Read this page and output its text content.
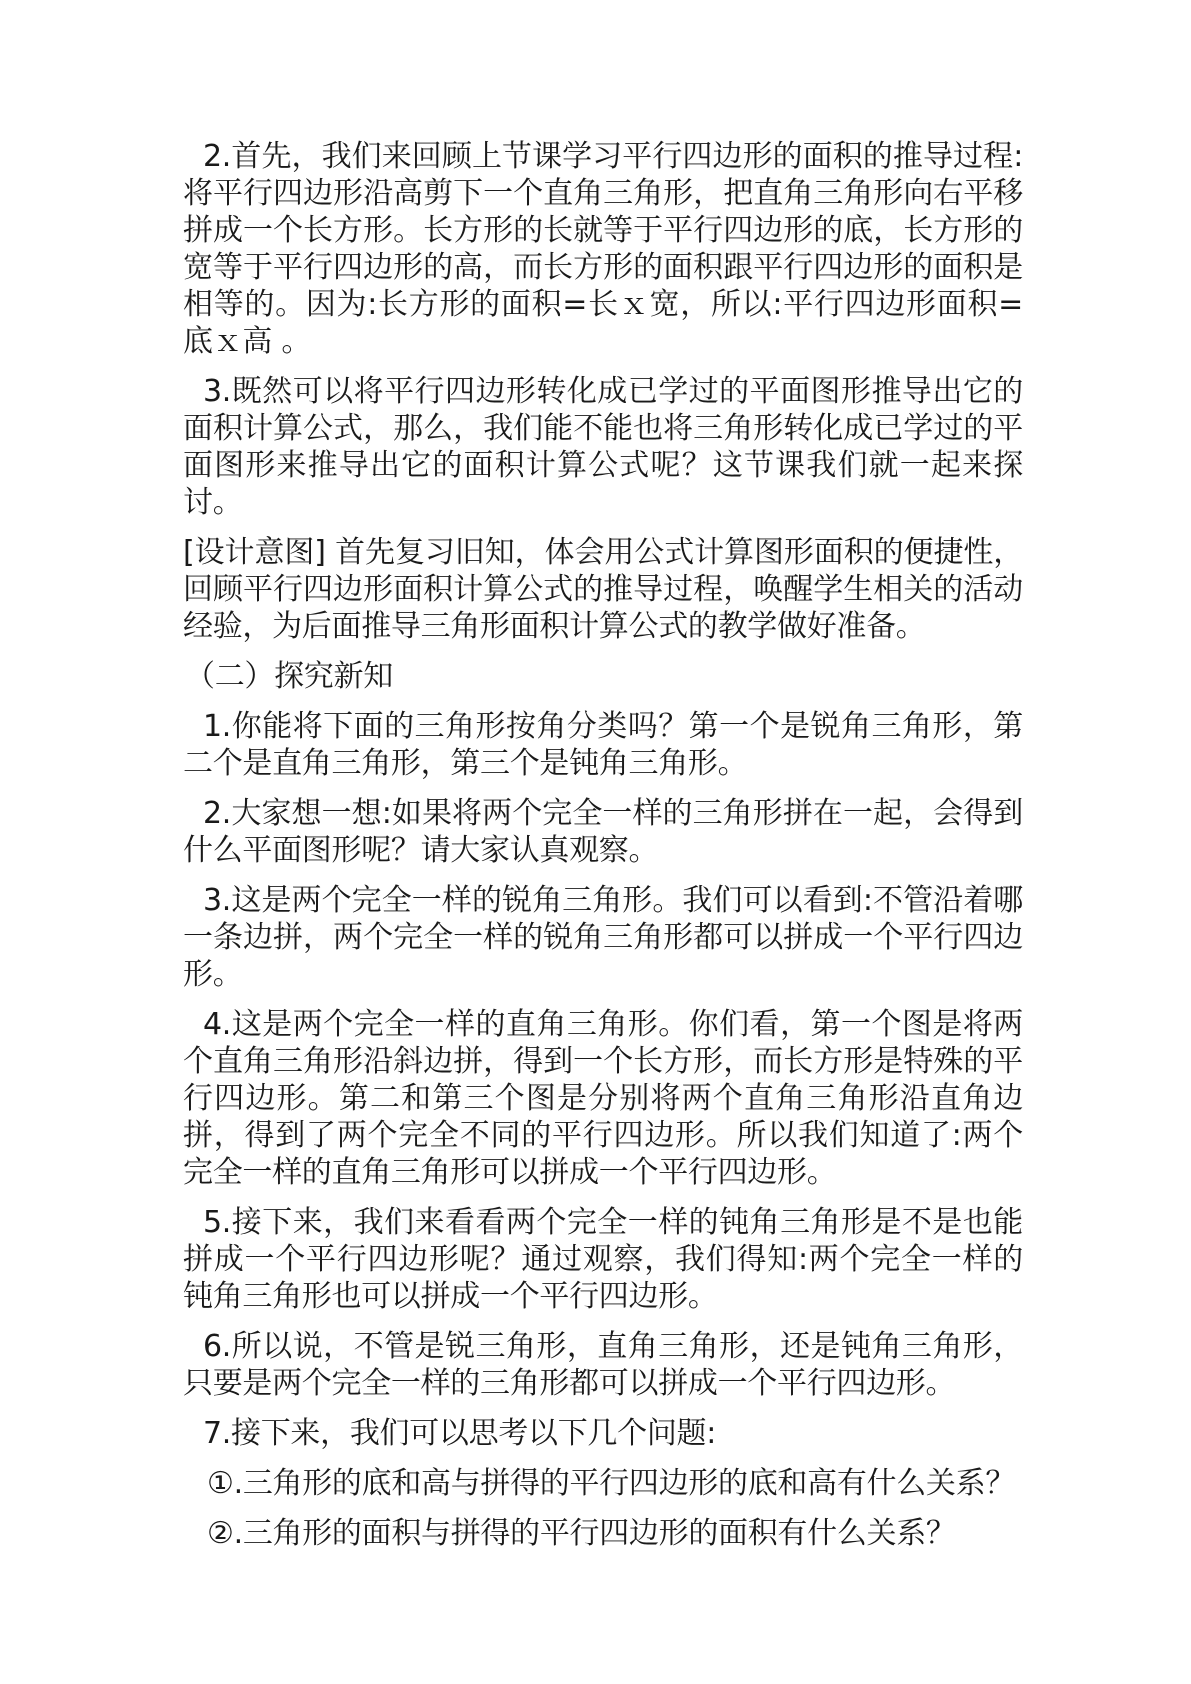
2.首先，我们来回顾上节课学习平行四边形的面积的推导过程:将平行四边形沿高剪下一个直角三角形，把直角三角形向右平移拼成一个长方形。长方形的长就等于平行四边形的底，长方形的宽等于平行四边形的高，而长方形的面积跟平行四边形的面积是相等的。因为:长方形的面积=长ｘ宽，所以:平行四边形面积=底ｘ高 。

3.既然可以将平行四边形转化成已学过的平面图形推导出它的面积计算公式，那么，我们能不能也将三角形转化成已学过的平面图形来推导出它的面积计算公式呢？这节课我们就一起来探讨。

[设计意图] 首先复习旧知，体会用公式计算图形面积的便捷性，回顾平行四边形面积计算公式的推导过程，唤醒学生相关的活动经验，为后面推导三角形面积计算公式的教学做好准备。

（二）探究新知

1.你能将下面的三角形按角分类吗？第一个是锐角三角形，第二个是直角三角形，第三个是钝角三角形。

2.大家想一想:如果将两个完全一样的三角形拼在一起，会得到什么平面图形呢？请大家认真观察。

3.这是两个完全一样的锐角三角形。我们可以看到:不管沿着哪一条边拼，两个完全一样的锐角三角形都可以拼成一个平行四边形。

4.这是两个完全一样的直角三角形。你们看，第一个图是将两个直角三角形沿斜边拼，得到一个长方形，而长方形是特殊的平行四边形。第二和第三个图是分别将两个直角三角形沿直角边拼，得到了两个完全不同的平行四边形。所以我们知道了:两个完全一样的直角三角形可以拼成一个平行四边形。

5.接下来，我们来看看两个完全一样的钝角三角形是不是也能拼成一个平行四边形呢？通过观察，我们得知:两个完全一样的钝角三角形也可以拼成一个平行四边形。

6.所以说，不管是锐三角形，直角三角形，还是钝角三角形，只要是两个完全一样的三角形都可以拼成一个平行四边形。

7.接下来，我们可以思考以下几个问题:

①.三角形的底和高与拼得的平行四边形的底和高有什么关系？

②.三角形的面积与拼得的平行四边形的面积有什么关系？
